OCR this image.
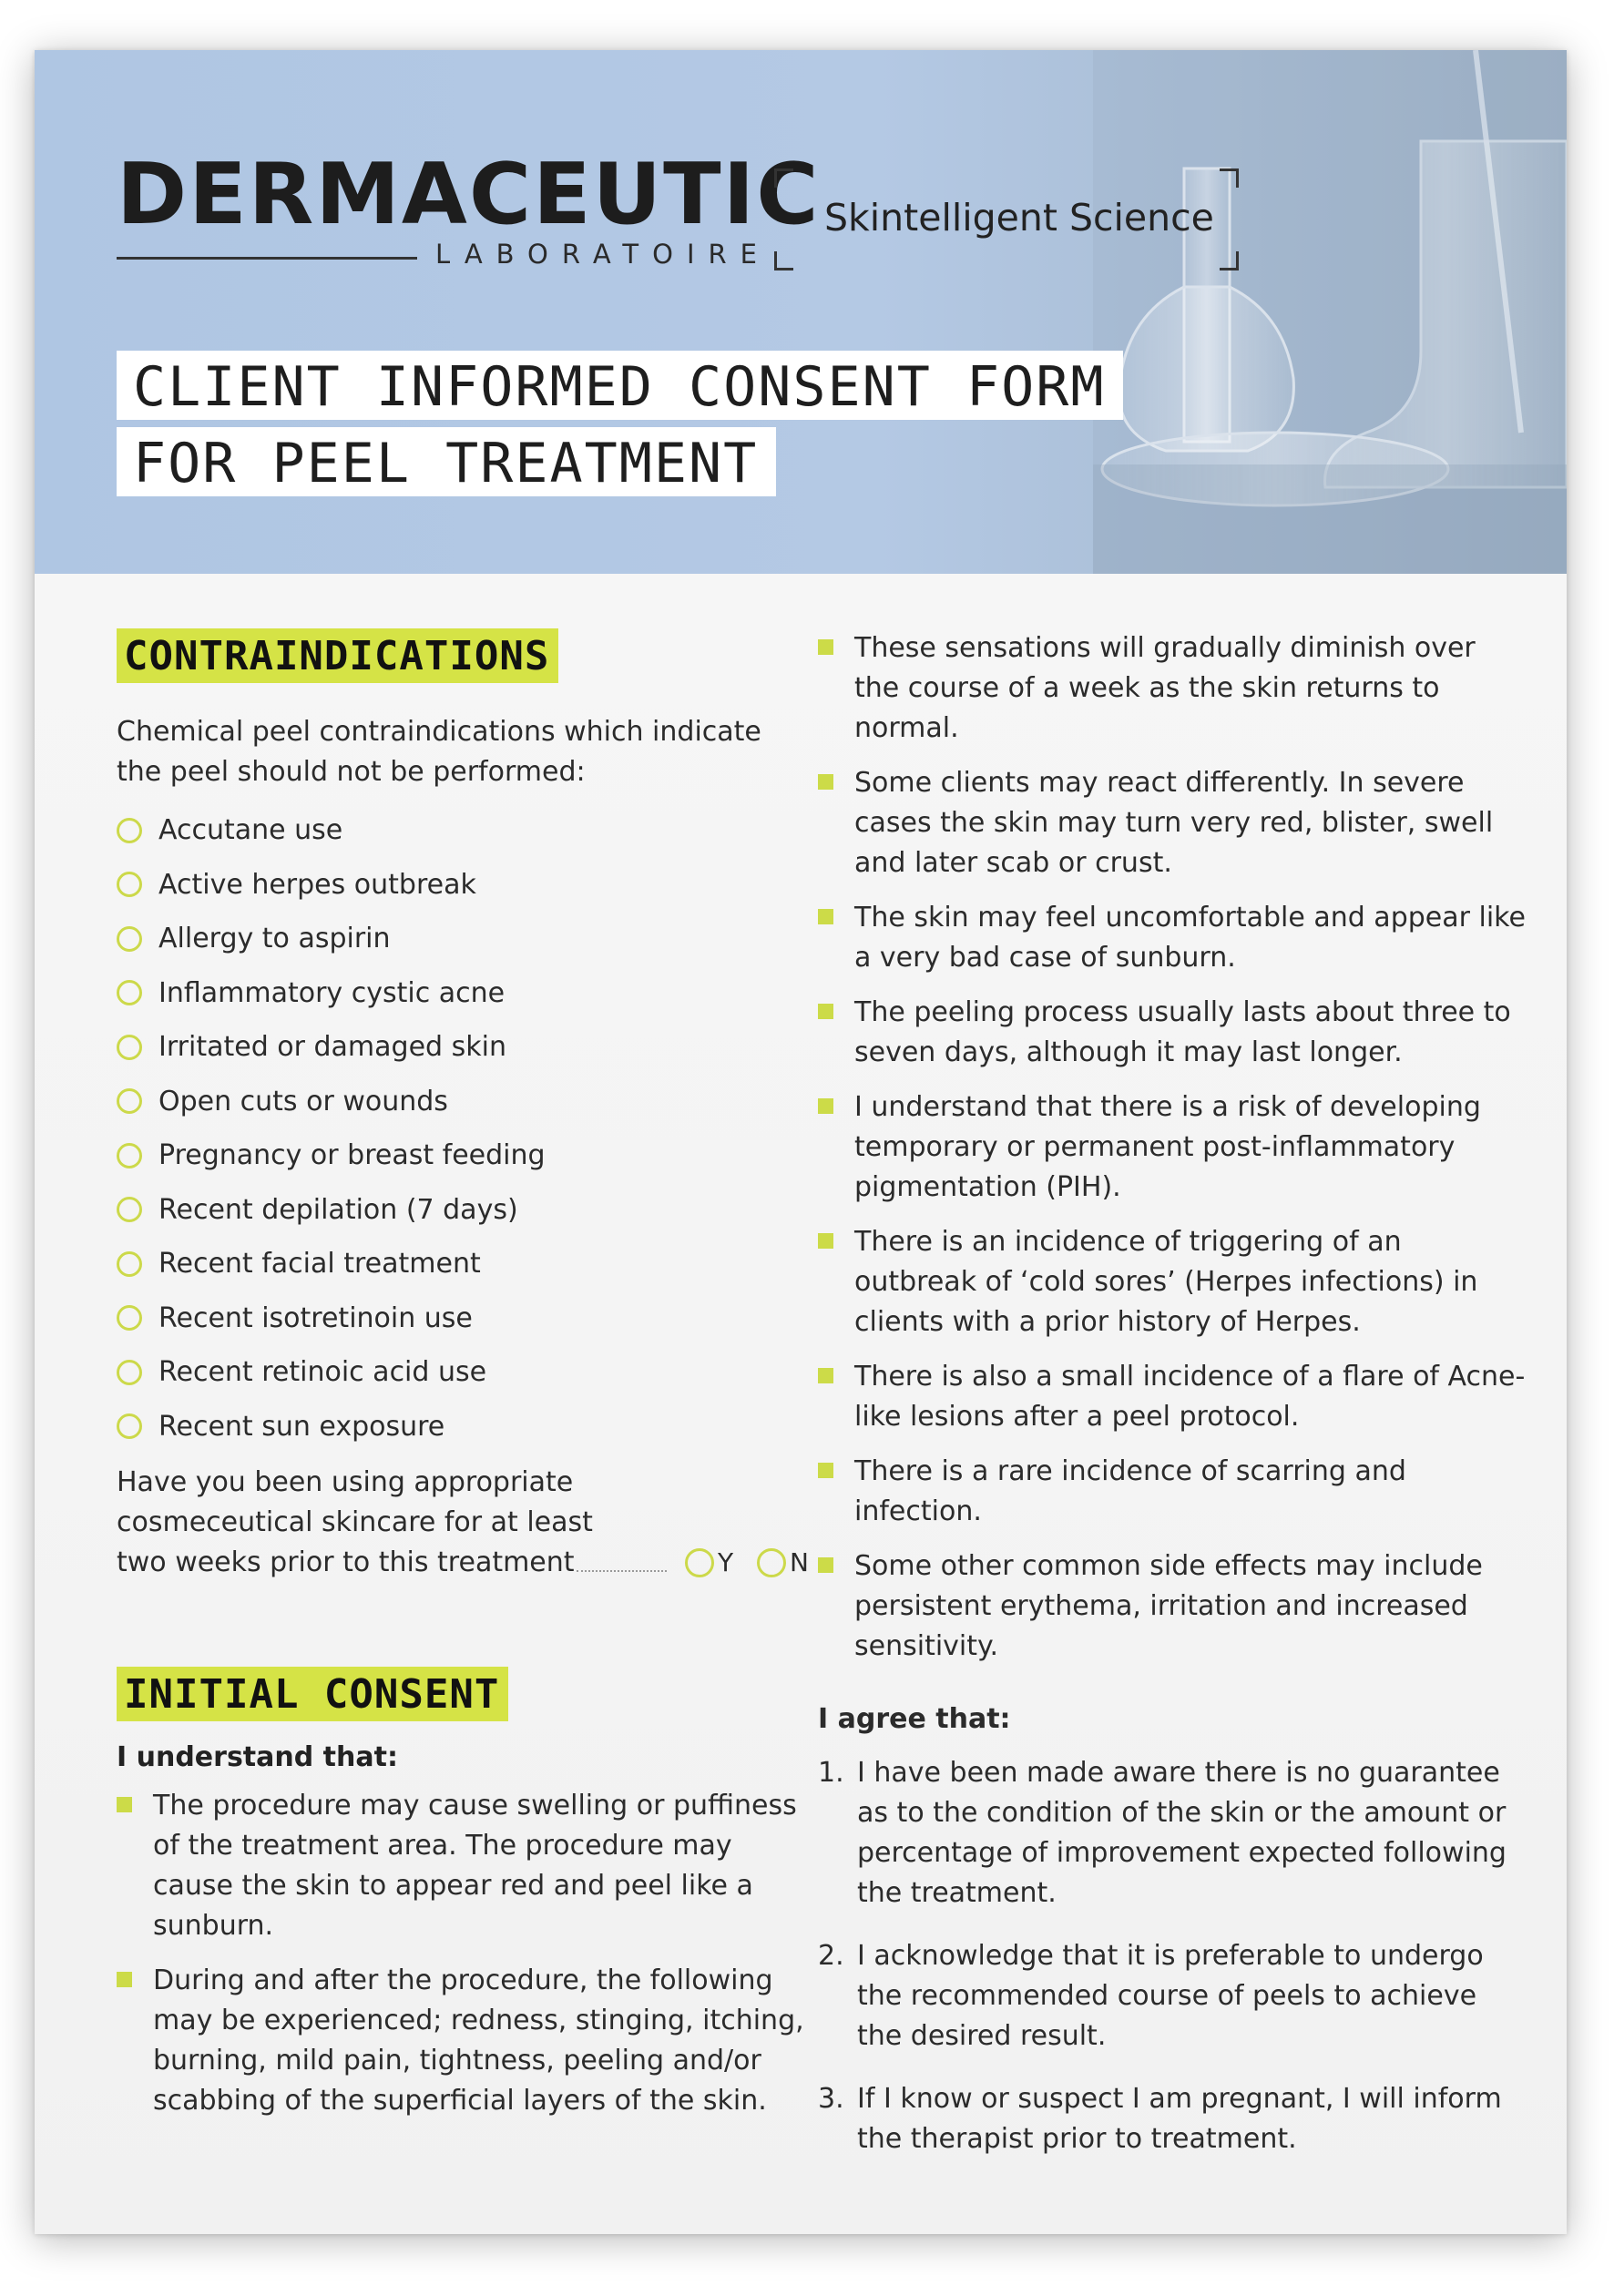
DERMACEUTIC
LABORATOIRE
Skintelligent Science
CLIENT INFORMED CONSENT FORM
FOR PEEL TREATMENT
CONTRAINDICATIONS
Chemical peel contraindications which indicate the peel should not be performed:
Accutane use
Active herpes outbreak
Allergy to aspirin
Inflammatory cystic acne
Irritated or damaged skin
Open cuts or wounds
Pregnancy or breast feeding
Recent depilation (7 days)
Recent facial treatment
Recent isotretinoin use
Recent retinoic acid use
Recent sun exposure
Have you been using appropriate
cosmeceutical skincare for at least
two weeks prior to this treatment	Y N
INITIAL CONSENT
I understand that:
The procedure may cause swelling or puffiness of the treatment area. The procedure may cause the skin to appear red and peel like a sunburn.
During and after the procedure, the following may be experienced; redness, stinging, itching, burning, mild pain, tightness, peeling and/or scabbing of the superficial layers of the skin.
These sensations will gradually diminish over the course of a week as the skin returns to normal.
Some clients may react differently. In severe cases the skin may turn very red, blister, swell and later scab or crust.
The skin may feel uncomfortable and appear like a very bad case of sunburn.
The peeling process usually lasts about three to seven days, although it may last longer.
I understand that there is a risk of developing temporary or permanent post-inflammatory pigmentation (PIH).
There is an incidence of triggering of an outbreak of ‘cold sores’ (Herpes infections) in clients with a prior history of Herpes.
There is also a small incidence of a flare of Acne-like lesions after a peel protocol.
There is a rare incidence of scarring and infection.
Some other common side effects may include persistent erythema, irritation and increased sensitivity.
I agree that:
1. I have been made aware there is no guarantee as to the condition of the skin or the amount or percentage of improvement expected following the treatment.
2. I acknowledge that it is preferable to undergo the recommended course of peels to achieve the desired result.
3. If I know or suspect I am pregnant, I will inform the therapist prior to treatment.
